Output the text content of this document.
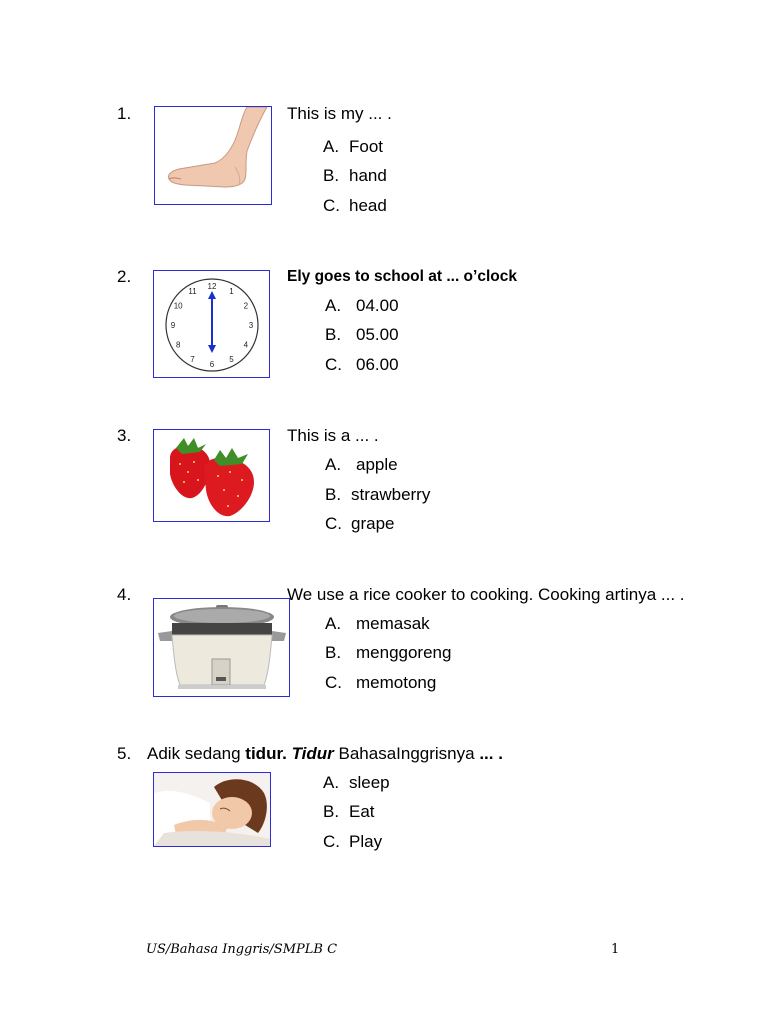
1.	This is my ... .
A. Foot
B. hand
C. head
2.
12
1
2
3
4
5
6
7
8
9
10
11
Ely goes to school at ... o’clock
A. 04.00
B. 05.00
C. 06.00
3.	This is a ... .
A. apple
B. strawberry
C. grape
4.	We use a rice cooker to cooking. Cooking artinya ... .
A. memasak
B. menggoreng
C. memotong
5. Adik sedang tidur. Tidur BahasaInggrisnya ... .
A. sleep
B. Eat
C. Play
US/Bahasa Inggris/SMPLB C	1
